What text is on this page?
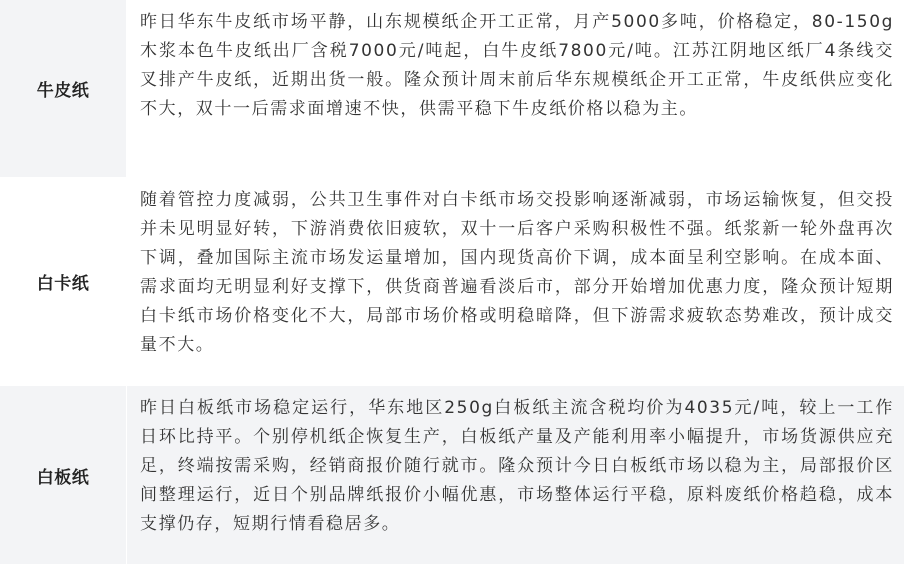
牛皮纸

昨日华东牛皮纸市场平静，山东规模纸企开工正常，月产5000多吨，价格稳定，80-150g木浆本色牛皮纸出厂含税7000元/吨起，白牛皮纸7800元/吨。江苏江阴地区纸厂4条线交叉排产牛皮纸，近期出货一般。隆众预计周末前后华东规模纸企开工正常，牛皮纸供应变化不大，双十一后需求面增速不快，供需平稳下牛皮纸价格以稳为主。

白卡纸

随着管控力度减弱，公共卫生事件对白卡纸市场交投影响逐渐减弱，市场运输恢复，但交投并未见明显好转，下游消费依旧疲软，双十一后客户采购积极性不强。纸浆新一轮外盘再次下调，叠加国际主流市场发运量增加，国内现货高价下调，成本面呈利空影响。在成本面、需求面均无明显利好支撑下，供货商普遍看淡后市，部分开始增加优惠力度，隆众预计短期白卡纸市场价格变化不大，局部市场价格或明稳暗降，但下游需求疲软态势难改，预计成交量不大。

白板纸

昨日白板纸市场稳定运行，华东地区250g白板纸主流含税均价为4035元/吨，较上一工作日环比持平。个别停机纸企恢复生产，白板纸产量及产能利用率小幅提升，市场货源供应充足，终端按需采购，经销商报价随行就市。隆众预计今日白板纸市场以稳为主，局部报价区间整理运行，近日个别品牌纸报价小幅优惠，市场整体运行平稳，原料废纸价格趋稳，成本支撑仍存，短期行情看稳居多。
